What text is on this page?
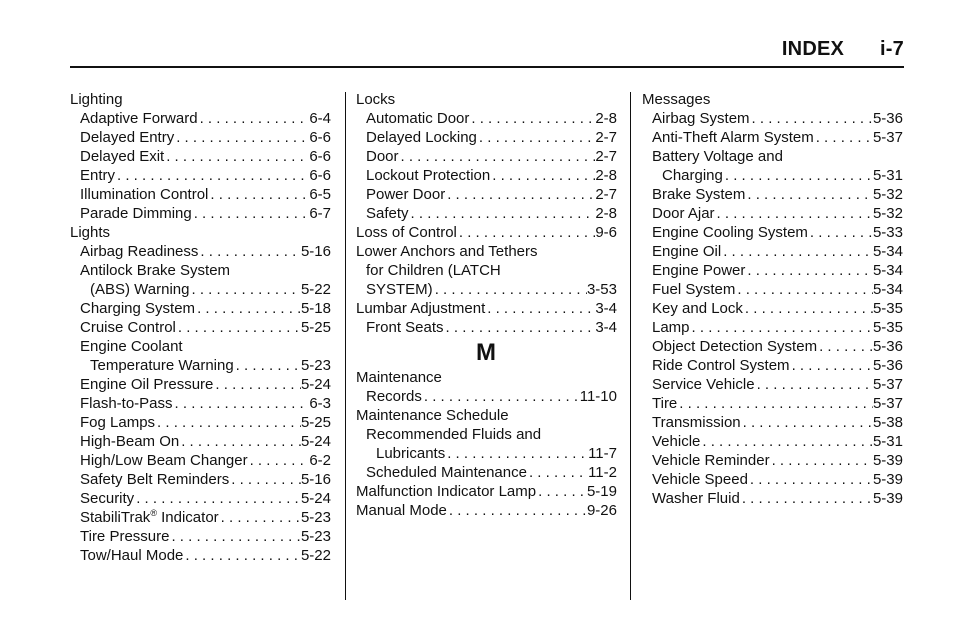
INDEX i-7
Lighting
Adaptive Forward . . .	6-4
Delayed Entry . . .	6-6
Delayed Exit . . .	6-6
Entry . . .	6-6
Illumination Control . . .	6-5
Parade Dimming . . .	6-7
Lights
Airbag Readiness . . .	5-16
Antilock Brake System
(ABS) Warning . . .	5-22
Charging System . . .	5-18
Cruise Control . . .	5-25
Engine Coolant
Temperature Warning . . .	5-23
Engine Oil Pressure . . .	5-24
Flash-to-Pass . . .	6-3
Fog Lamps . . .	5-25
High-Beam On . . .	5-24
High/Low Beam Changer . . .	6-2
Safety Belt Reminders . . .	5-16
Security . . .	5-24
StabiliTrak® Indicator . . .	5-23
Tire Pressure . . .	5-23
Tow/Haul Mode . . .	5-22
Locks
Automatic Door . . .	2-8
Delayed Locking . . .	2-7
Door . . .	2-7
Lockout Protection . . .	2-8
Power Door . . .	2-7
Safety . . .	2-8
Loss of Control . . .	9-6
Lower Anchors and Tethers
for Children (LATCH
SYSTEM) . . .	3-53
Lumbar Adjustment . . .	3-4
Front Seats . . .	3-4
M
Maintenance
Records . . .	11-10
Maintenance Schedule
Recommended Fluids and
Lubricants . . .	11-7
Scheduled Maintenance . . .	11-2
Malfunction Indicator Lamp . . .	5-19
Manual Mode . . .	9-26
Messages
Airbag System . . .	5-36
Anti-Theft Alarm System . . .	5-37
Battery Voltage and
Charging . . .	5-31
Brake System . . .	5-32
Door Ajar . . .	5-32
Engine Cooling System . . .	5-33
Engine Oil . . .	5-34
Engine Power . . .	5-34
Fuel System . . .	5-34
Key and Lock . . .	5-35
Lamp . . .	5-35
Object Detection System . . .	5-36
Ride Control System . . .	5-36
Service Vehicle . . .	5-37
Tire . . .	5-37
Transmission . . .	5-38
Vehicle . . .	5-31
Vehicle Reminder . . .	5-39
Vehicle Speed . . .	5-39
Washer Fluid . . .	5-39
